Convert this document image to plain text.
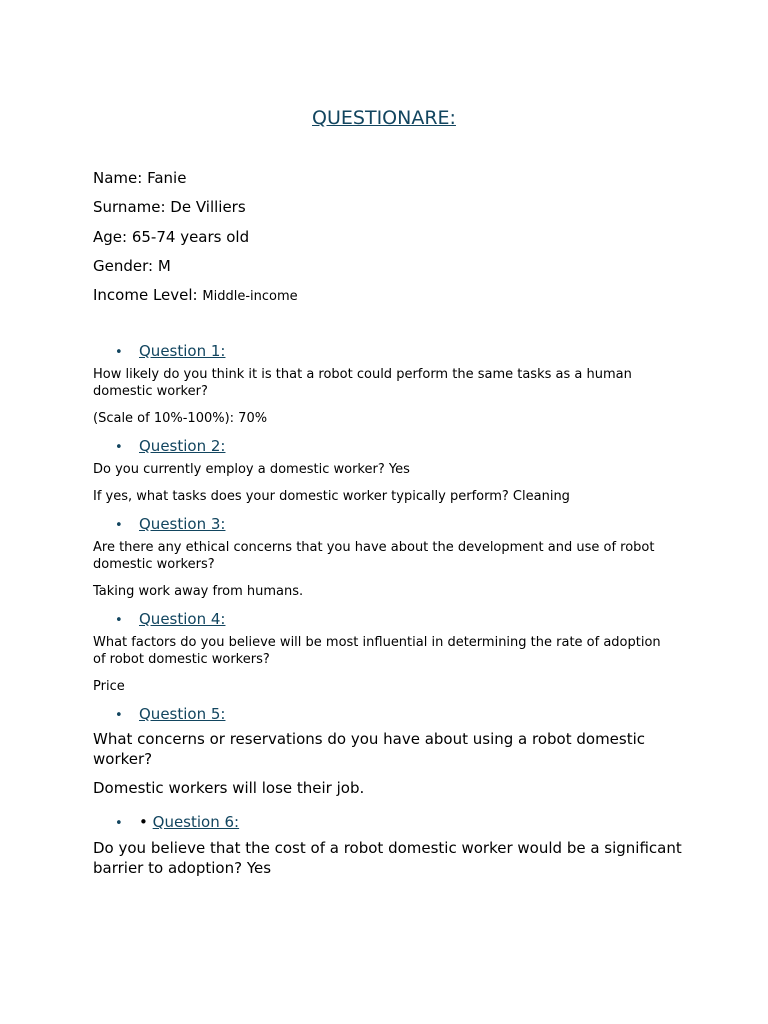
QUESTIONARE:
Name: Fanie
Surname: De Villiers
Age: 65-74 years old
Gender: M
Income Level: Middle-income
• Question 1:
How likely do you think it is that a robot could perform the same tasks as a human domestic worker?
(Scale of 10%-100%): 70%
• Question 2:
Do you currently employ a domestic worker? Yes
If yes, what tasks does your domestic worker typically perform? Cleaning
• Question 3:
Are there any ethical concerns that you have about the development and use of robot domestic workers?
Taking work away from humans.
• Question 4:
What factors do you believe will be most influential in determining the rate of adoption of robot domestic workers?
Price
• Question 5:
What concerns or reservations do you have about using a robot domestic worker?
Domestic workers will lose their job.
• • Question 6:
Do you believe that the cost of a robot domestic worker would be a significant barrier to adoption? Yes
